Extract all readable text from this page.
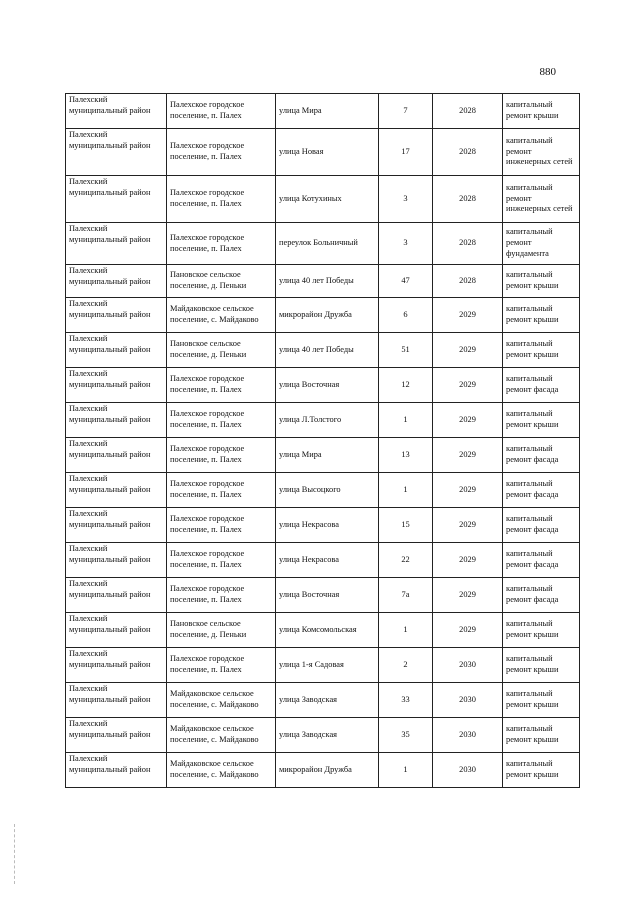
880
Палехский муниципальный район	Палехское городское поселение, п. Палех	улица Мира	7	2028	капитальный ремонт крыши
Палехский муниципальный район	Палехское городское поселение, п. Палех	улица Новая	17	2028	капитальный ремонт инженерных сетей
Палехский муниципальный район	Палехское городское поселение, п. Палех	улица Котухиных	3	2028	капитальный ремонт инженерных сетей
Палехский муниципальный район	Палехское городское поселение, п. Палех	переулок Больничный	3	2028	капитальный ремонт фундамента
Палехский муниципальный район	Пановское сельское поселение, д. Пеньки	улица 40 лет Победы	47	2028	капитальный ремонт крыши
Палехский муниципальный район	Майдаковское сельское поселение, с. Майдаково	микрорайон Дружба	6	2029	капитальный ремонт крыши
Палехский муниципальный район	Пановское сельское поселение, д. Пеньки	улица 40 лет Победы	51	2029	капитальный ремонт крыши
Палехский муниципальный район	Палехское городское поселение, п. Палех	улица Восточная	12	2029	капитальный ремонт фасада
Палехский муниципальный район	Палехское городское поселение, п. Палех	улица Л.Толстого	1	2029	капитальный ремонт крыши
Палехский муниципальный район	Палехское городское поселение, п. Палех	улица Мира	13	2029	капитальный ремонт фасада
Палехский муниципальный район	Палехское городское поселение, п. Палех	улица Высоцкого	1	2029	капитальный ремонт фасада
Палехский муниципальный район	Палехское городское поселение, п. Палех	улица Некрасова	15	2029	капитальный ремонт фасада
Палехский муниципальный район	Палехское городское поселение, п. Палех	улица Некрасова	22	2029	капитальный ремонт фасада
Палехский муниципальный район	Палехское городское поселение, п. Палех	улица Восточная	7а	2029	капитальный ремонт фасада
Палехский муниципальный район	Пановское сельское поселение, д. Пеньки	улица Комсомольская	1	2029	капитальный ремонт крыши
Палехский муниципальный район	Палехское городское поселение, п. Палех	улица 1-я Садовая	2	2030	капитальный ремонт крыши
Палехский муниципальный район	Майдаковское сельское поселение, с. Майдаково	улица Заводская	33	2030	капитальный ремонт крыши
Палехский муниципальный район	Майдаковское сельское поселение, с. Майдаково	улица Заводская	35	2030	капитальный ремонт крыши
Палехский муниципальный район	Майдаковское сельское поселение, с. Майдаково	микрорайон Дружба	1	2030	капитальный ремонт крыши
